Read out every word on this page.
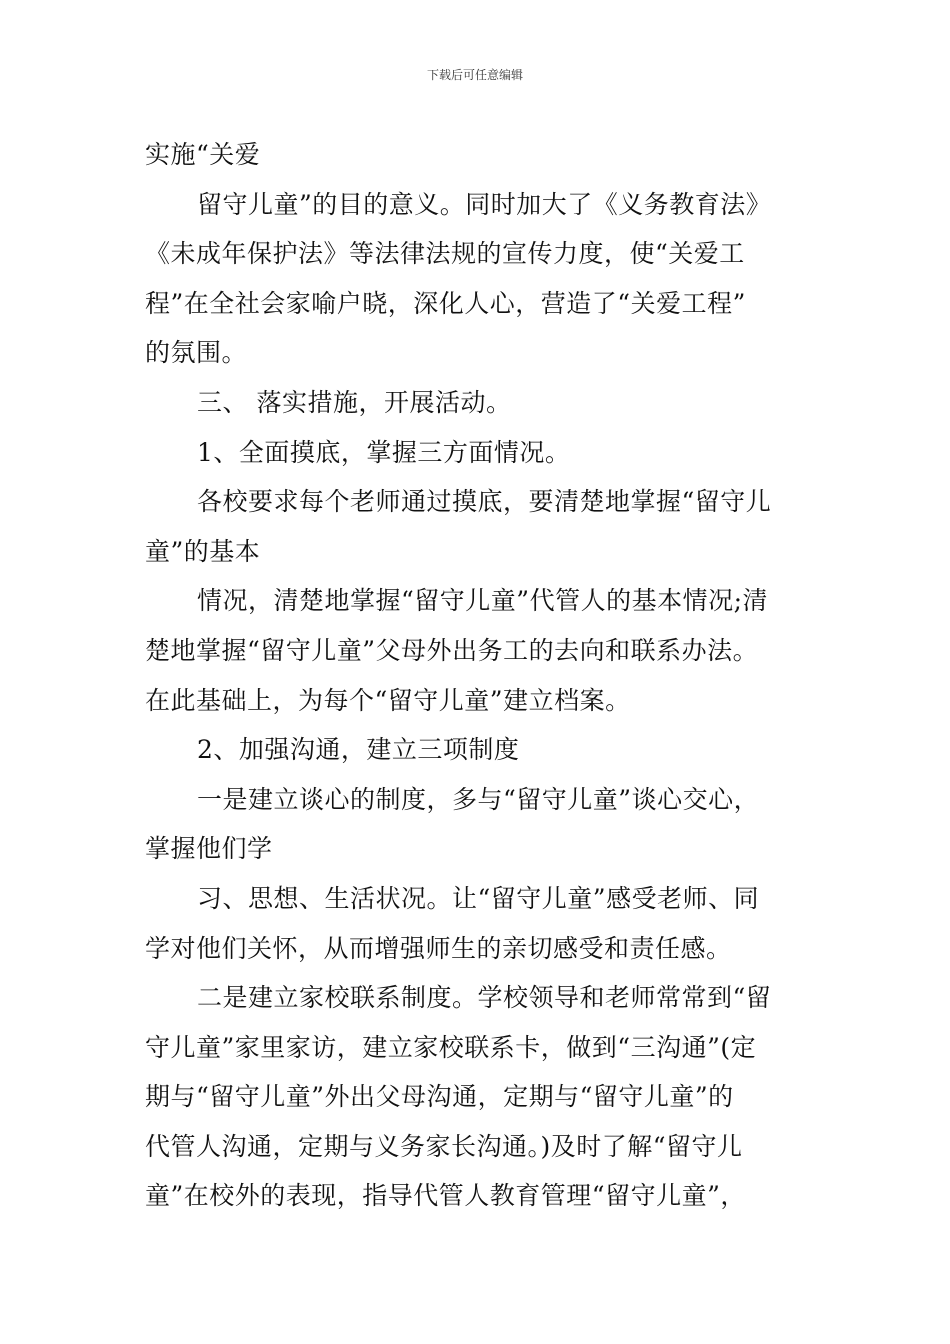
下载后可任意编辑
实施“关爱
留守儿童”的目的意义。同时加大了《义务教育法》
《未成年保护法》等法律法规的宣传力度，使“关爱工
程”在全社会家喻户晓，深化人心，营造了“关爱工程”
的氛围。
三、 落实措施，开展活动。
1、全面摸底，掌握三方面情况。
各校要求每个老师通过摸底，要清楚地掌握“留守儿
童”的基本
情况，清楚地掌握“留守儿童”代管人的基本情况;清
楚地掌握“留守儿童”父母外出务工的去向和联系办法。
在此基础上，为每个“留守儿童”建立档案。
2、加强沟通，建立三项制度
一是建立谈心的制度，多与“留守儿童”谈心交心，
掌握他们学
习、思想、生活状况。让“留守儿童”感受老师、同
学对他们关怀，从而增强师生的亲切感受和责任感。
二是建立家校联系制度。学校领导和老师常常到“留
守儿童”家里家访，建立家校联系卡，做到“三沟通”(定
期与“留守儿童”外出父母沟通，定期与“留守儿童”的
代管人沟通，定期与义务家长沟通。)及时了解“留守儿
童”在校外的表现，指导代管人教育管理“留守儿童”，
